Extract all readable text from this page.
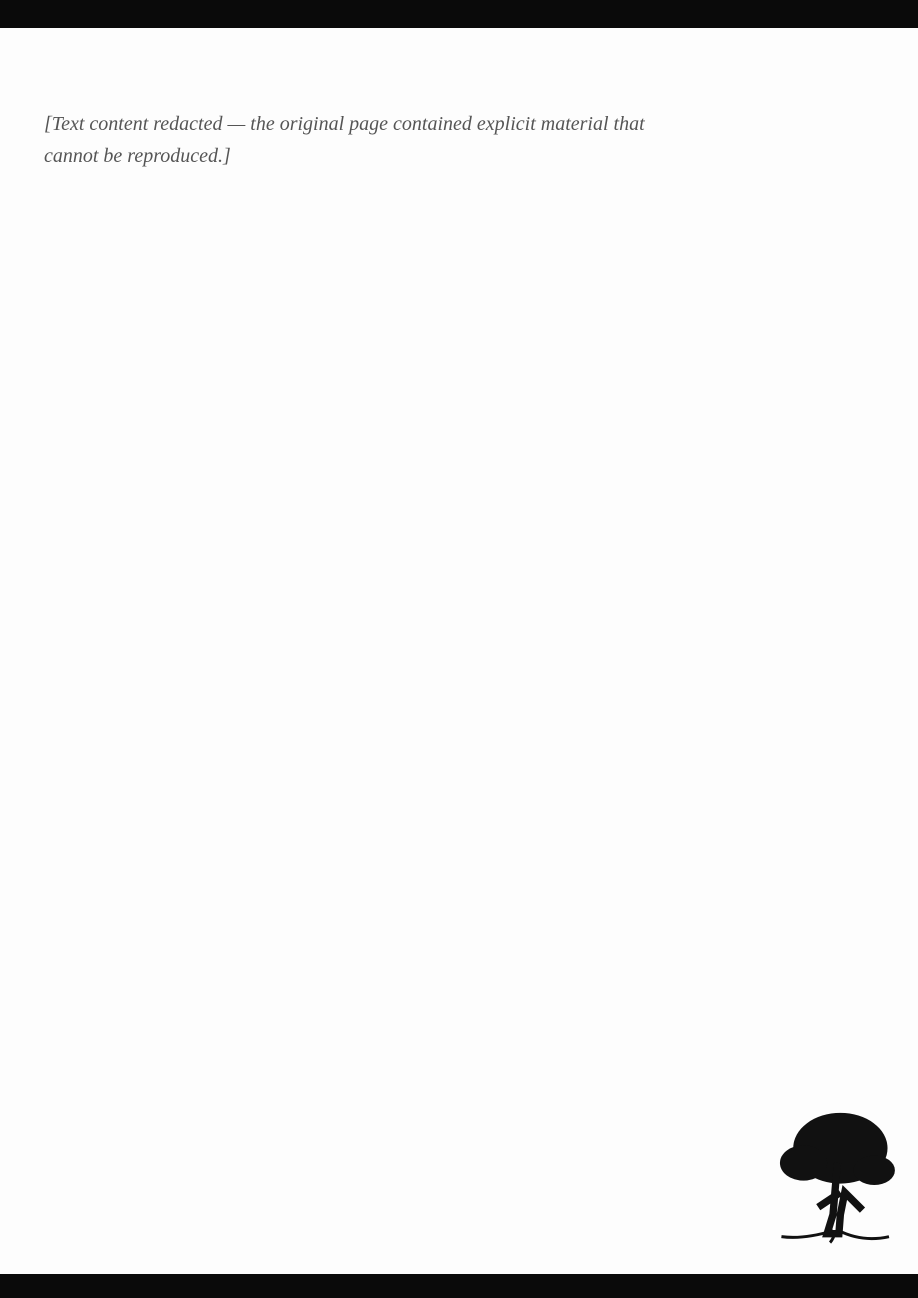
[Text content redacted — the original page contained explicit material that cannot be reproduced.]
